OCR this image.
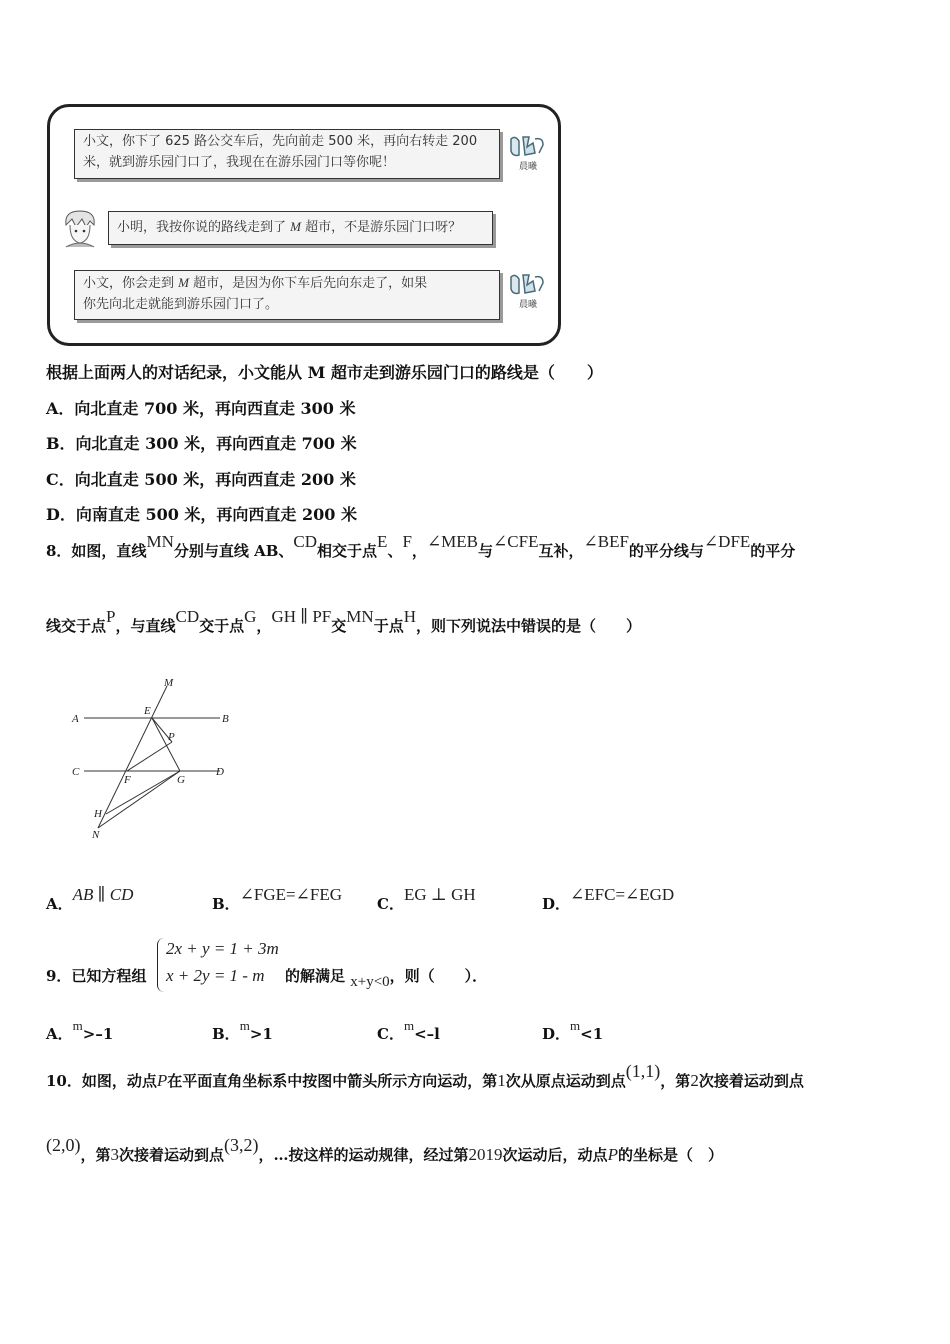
小文，你下了 625 路公交车后，先向前走 500 米，再向右转走 200
米，就到游乐园门口了，我现在在游乐园门口等你呢！	晨曦
小明，我按你说的路线走到了 M 超市，不是游乐园门口呀？
小文，你会走到 M 超市，是因为你下车后先向东走了，如果
你先向北走就能到游乐园门口了。	晨曦
根据上面两人的对话纪录，小文能从 M 超市走到游乐园门口的路线是（　　）
A．向北直走 700 米，再向西直走 300 米
B．向北直走 300 米，再向西直走 700 米
C．向北直走 500 米，再向西直走 200 米
D．向南直走 500 米，再向西直走 200 米
8．如图，直线MN分别与直线 AB、CD相交于点E、F，∠MEB与∠CFE互补，∠BEF的平分线与∠DFE的平分
线交于点P，与直线CD交于点G，GH ∥ PF交MN于点H，则下列说法中错误的是（　　）
M
A
E
B
P
C
F	G
D
H
N
A．AB ∥ CD	B．∠FGE=∠FEG C．EG ⊥ GH	D．∠EFC=∠EGD
9．已知方程组
2x + y = 1 + 3m
x + 2y = 1 - m 的解满足 x+y<0，则（　　）．
A．m>–1	B．m>1	C．m<–l	D．m<1
10．如图，动点P在平面直角坐标系中按图中箭头所示方向运动，第1次从原点运动到点(1,1)，第2次接着运动到点
(2,0)，第3次接着运动到点(3,2)，…按这样的运动规律，经过第2019次运动后，动点P的坐标是（　）
